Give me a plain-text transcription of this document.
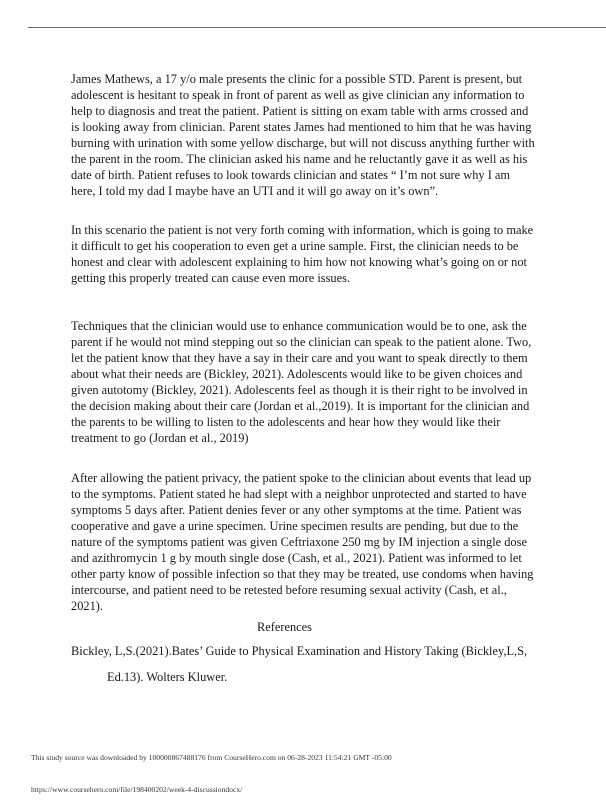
James Mathews, a 17 y/o male presents the clinic for a possible STD. Parent is present, but adolescent is hesitant to speak in front of parent as well as give clinician any information to help to diagnosis and treat the patient. Patient is sitting on exam table with arms crossed and is looking away from clinician. Parent states James had mentioned to him that he was having burning with urination with some yellow discharge, but will not discuss anything further with the parent in the room. The clinician asked his name and he reluctantly gave it as well as his date of birth. Patient refuses to look towards clinician and states “ I’m not sure why I am here, I told my dad I maybe have an UTI and it will go away on it’s own”.

In this scenario the patient is not very forth coming with information, which is going to make it difficult to get his cooperation to even get a urine sample. First, the clinician needs to be honest and clear with adolescent explaining to him how not knowing what’s going on or not getting this properly treated can cause even more issues.

Techniques that the clinician would use to enhance communication would be to one, ask the parent if he would not mind stepping out so the clinician can speak to the patient alone. Two, let the patient know that they have a say in their care and you want to speak directly to them about what their needs are (Bickley, 2021). Adolescents would like to be given choices and given autotomy (Bickley, 2021). Adolescents feel as though it is their right to be involved in the decision making about their care (Jordan et al.,2019). It is important for the clinician and the parents to be willing to listen to the adolescents and hear how they would like their treatment to go (Jordan et al., 2019)

After allowing the patient privacy, the patient spoke to the clinician about events that lead up to the symptoms. Patient stated he had slept with a neighbor unprotected and started to have symptoms 5 days after. Patient denies fever or any other symptoms at the time. Patient was cooperative and gave a urine specimen. Urine specimen results are pending, but due to the nature of the symptoms patient was given Ceftriaxone 250 mg by IM injection a single dose and azithromycin 1 g by mouth single dose (Cash, et al., 2021). Patient was informed to let other party know of possible infection so that they may be treated, use condoms when having intercourse, and patient need to be retested before resuming sexual activity (Cash, et al., 2021).

References
Bickley, L,S.(2021).Bates’ Guide to Physical Examination and History Taking (Bickley,L,S,
Ed.13). Wolters Kluwer.
This study source was downloaded by 100000867488176 from CourseHero.com on 06-28-2023 11:54:21 GMT -05:00
https://www.coursehero.com/file/198400202/week-4-discussiondocx/
